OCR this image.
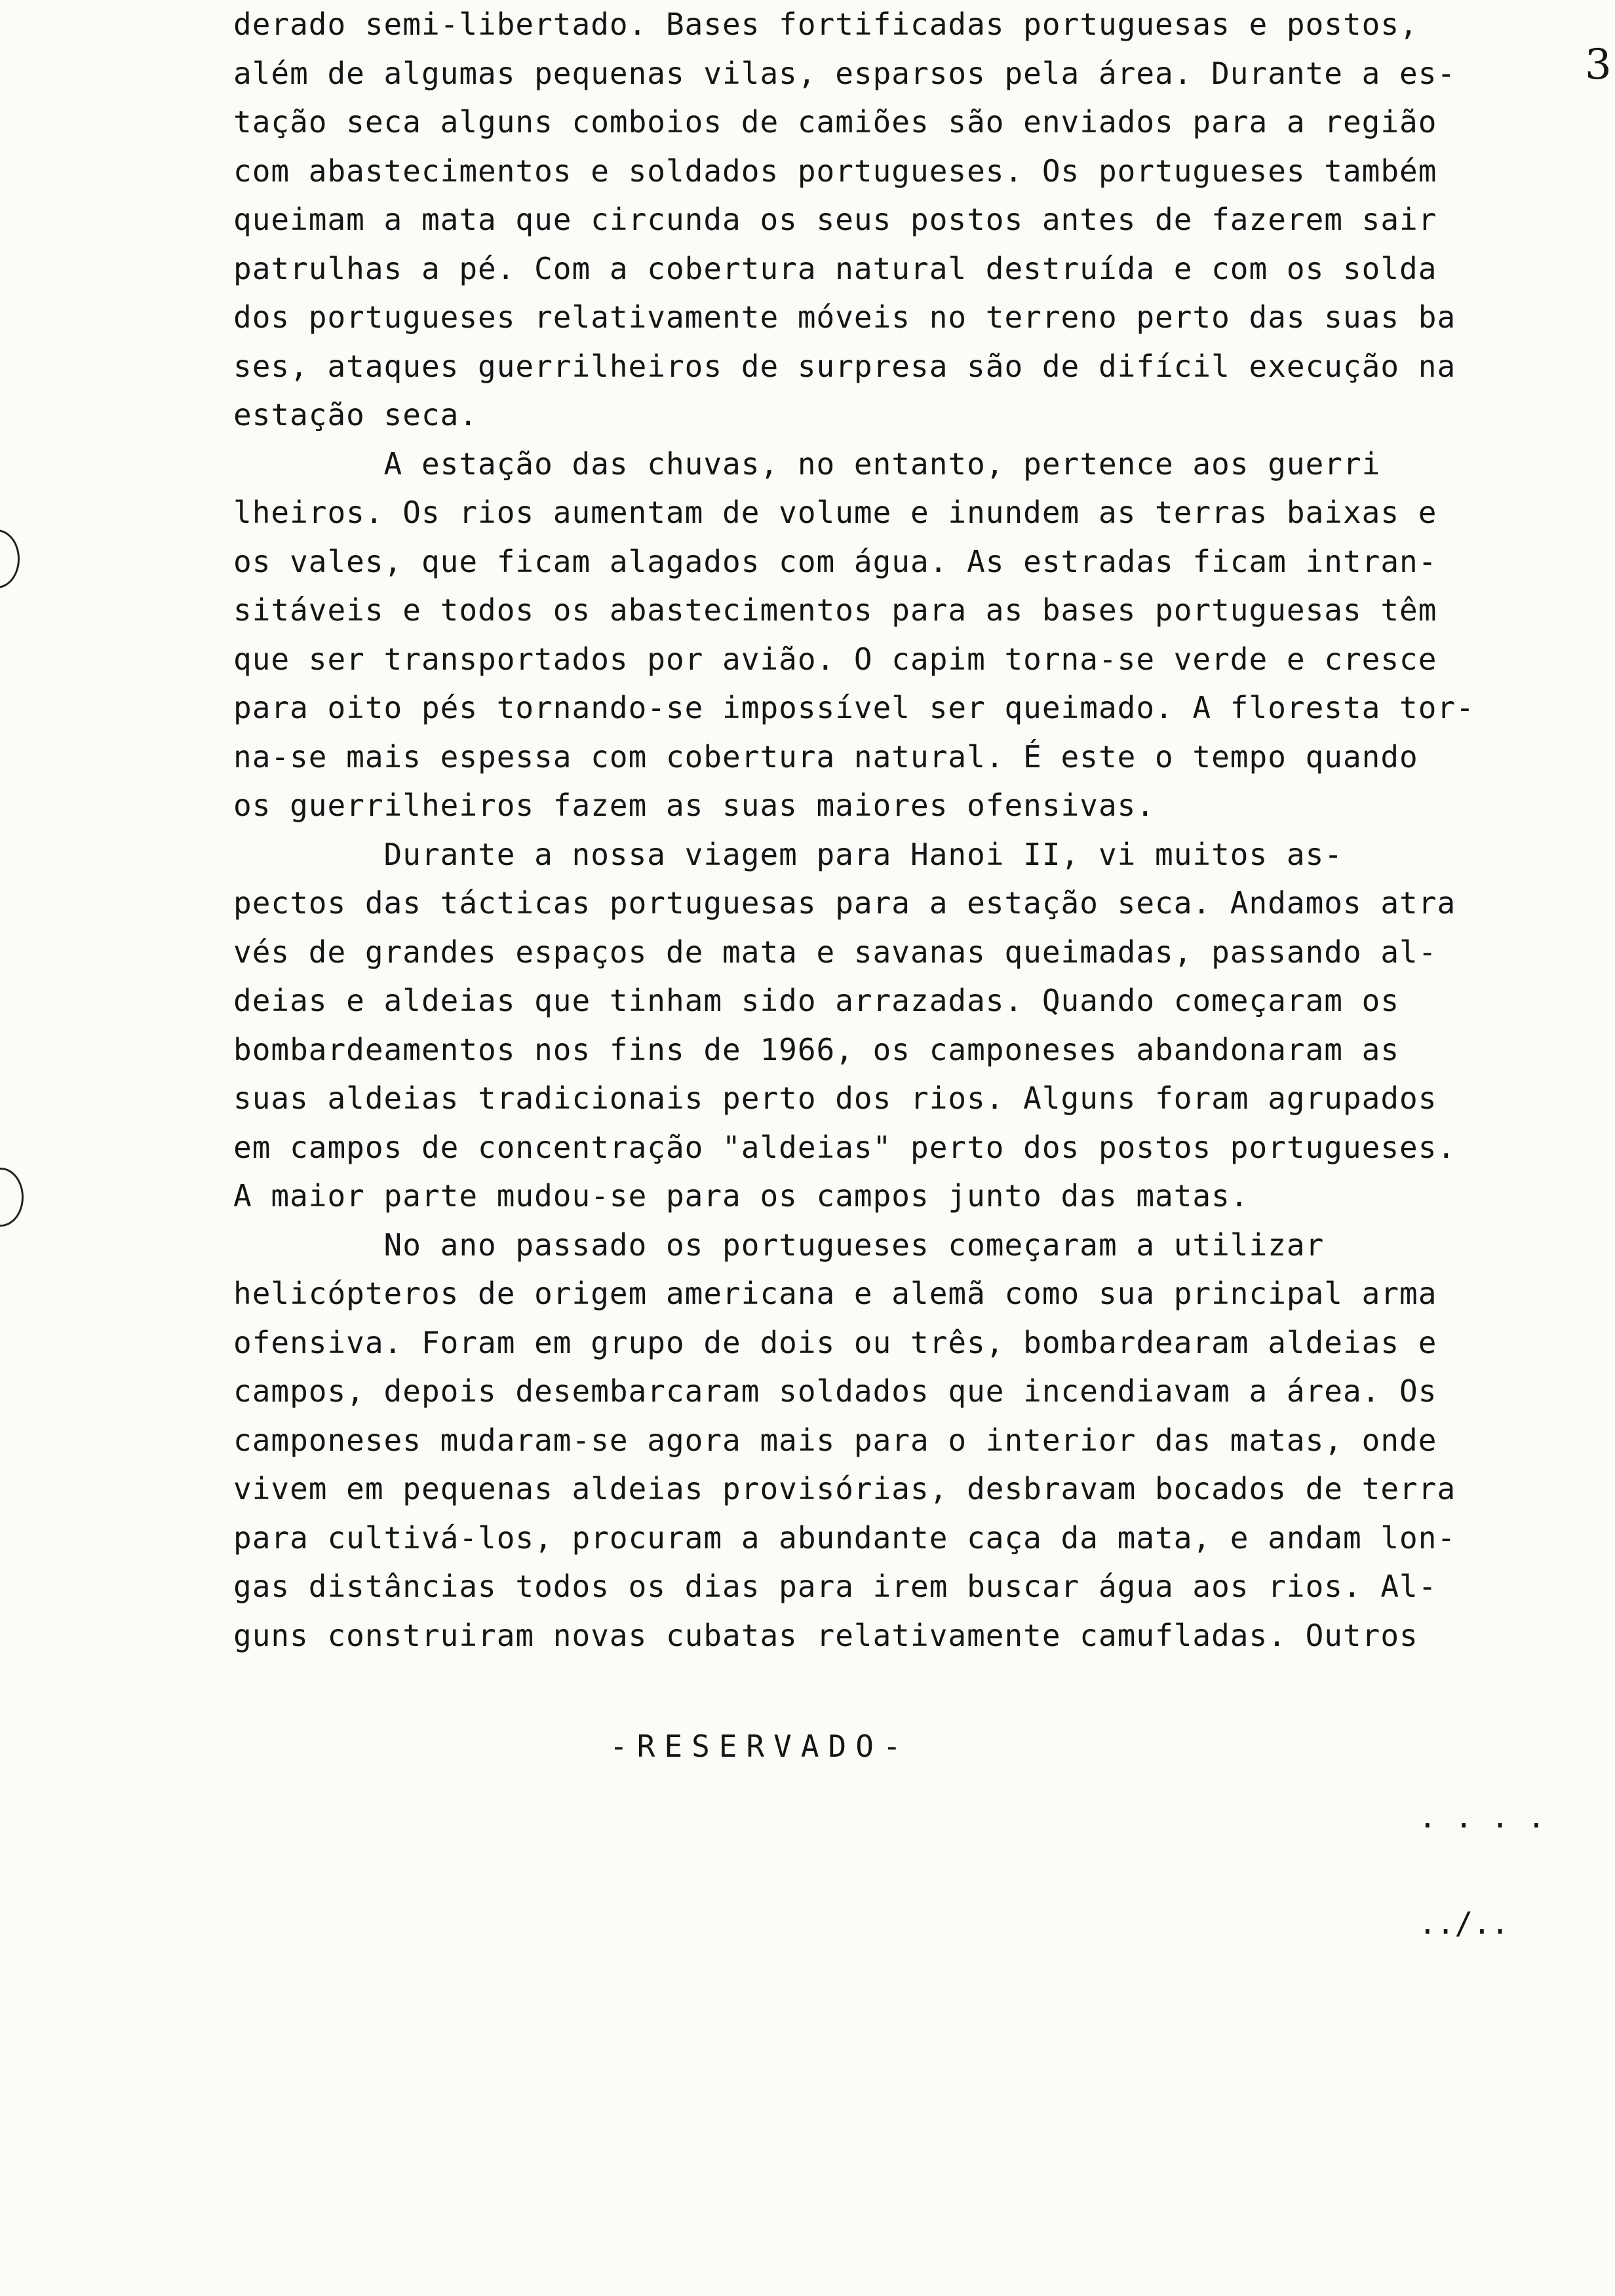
3
derado semi-libertado. Bases fortificadas portuguesas e postos,
além de algumas pequenas vilas, esparsos pela área. Durante a es-
tação seca alguns comboios de camiões são enviados para a região
com abastecimentos e soldados portugueses. Os portugueses também
queimam a mata que circunda os seus postos antes de fazerem sair
patrulhas a pé. Com a cobertura natural destruída e com os solda
dos portugueses relativamente móveis no terreno perto das suas ba
ses, ataques guerrilheiros de surpresa são de difícil execução na
estação seca.
A estação das chuvas, no entanto, pertence aos guerri
lheiros. Os rios aumentam de volume e inundem as terras baixas e
os vales, que ficam alagados com água. As estradas ficam intran-
sitáveis e todos os abastecimentos para as bases portuguesas têm
que ser transportados por avião. O capim torna-se verde e cresce
para oito pés tornando-se impossível ser queimado. A floresta tor-
na-se mais espessa com cobertura natural. É este o tempo quando
os guerrilheiros fazem as suas maiores ofensivas.
Durante a nossa viagem para Hanoi II, vi muitos as-
pectos das tácticas portuguesas para a estação seca. Andamos atra
vés de grandes espaços de mata e savanas queimadas, passando al-
deias e aldeias que tinham sido arrazadas. Quando começaram os
bombardeamentos nos fins de 1966, os camponeses abandonaram as
suas aldeias tradicionais perto dos rios. Alguns foram agrupados
em campos de concentração "aldeias" perto dos postos portugueses.
A maior parte mudou-se para os campos junto das matas.
No ano passado os portugueses começaram a utilizar
helicópteros de origem americana e alemã como sua principal arma
ofensiva. Foram em grupo de dois ou três, bombardearam aldeias e
campos, depois desembarcaram soldados que incendiavam a área. Os
camponeses mudaram-se agora mais para o interior das matas, onde
vivem em pequenas aldeias provisórias, desbravam bocados de terra
para cultivá-los, procuram a abundante caça da mata, e andam lon-
gas distâncias todos os dias para irem buscar água aos rios. Al-
guns construiram novas cubatas relativamente camufladas. Outros
-RESERVADO-

. . . .

../..
